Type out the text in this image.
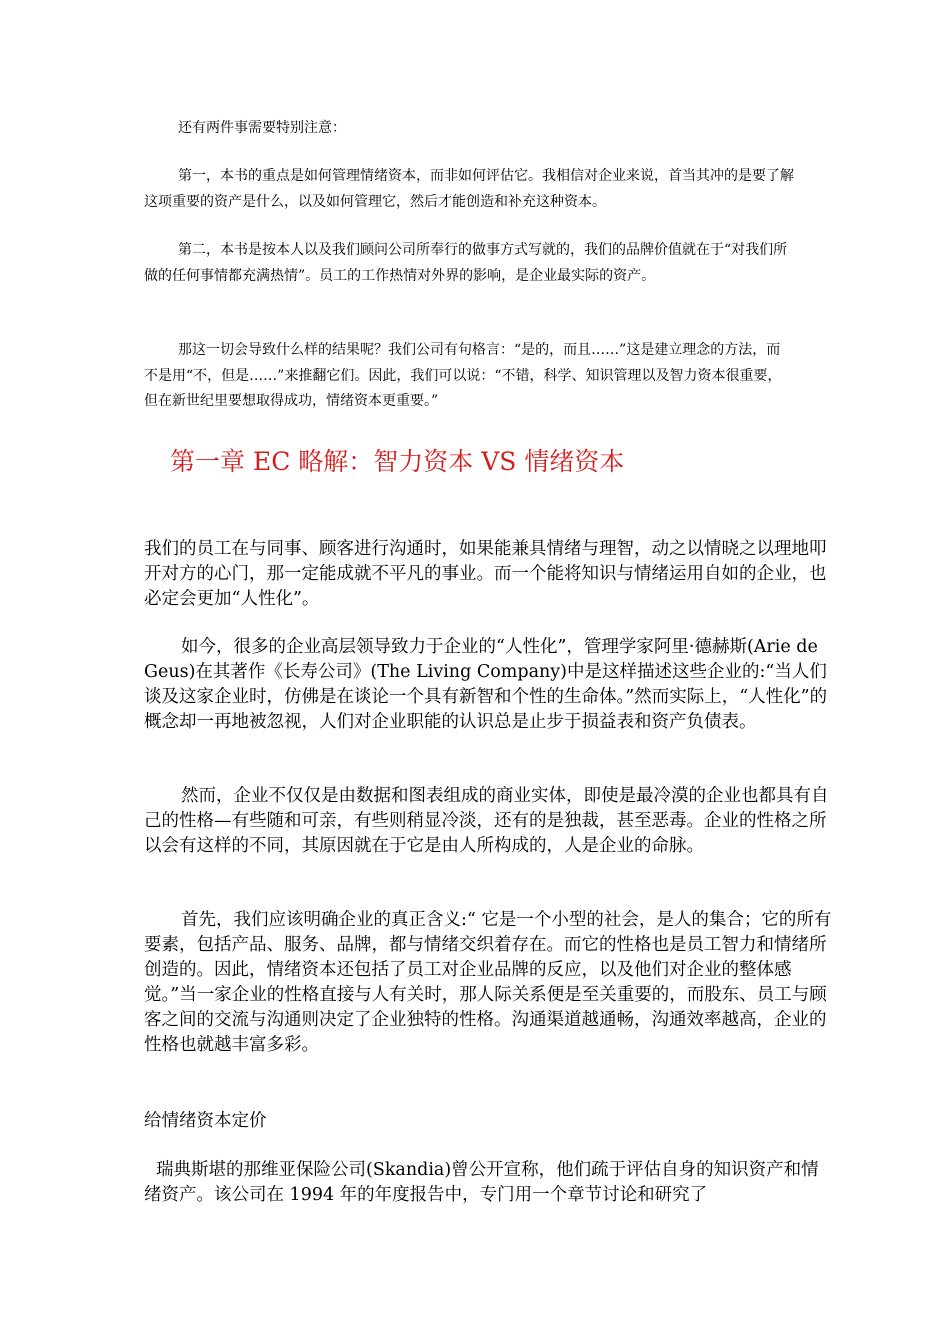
还有两件事需要特别注意：

第一，本书的重点是如何管理情绪资本，而非如何评估它。我相信对企业来说，首当其冲的是要了解这项重要的资产是什么，以及如何管理它，然后才能创造和补充这种资本。

第二，本书是按本人以及我们顾问公司所奉行的做事方式写就的，我们的品牌价值就在于“对我们所做的任何事情都充满热情”。员工的工作热情对外界的影响，是企业最实际的资产。

那这一切会导致什么样的结果呢？我们公司有句格言：“是的，而且……”这是建立理念的方法，而不是用“不，但是……”来推翻它们。因此，我们可以说：“不错，科学、知识管理以及智力资本很重要，但在新世纪里要想取得成功，情绪资本更重要。”

第一章 EC 略解：智力资本 VS 情绪资本

我们的员工在与同事、顾客进行沟通时，如果能兼具情绪与理智，动之以情晓之以理地叩开对方的心门，那一定能成就不平凡的事业。而一个能将知识与情绪运用自如的企业，也必定会更加“人性化”。

如今，很多的企业高层领导致力于企业的“人性化”，管理学家阿里·德赫斯(Arie de Geus)在其著作《长寿公司》(The Living Company)中是这样描述这些企业的:“当人们谈及这家企业时，仿佛是在谈论一个具有新智和个性的生命体。”然而实际上，“人性化”的概念却一再地被忽视，人们对企业职能的认识总是止步于损益表和资产负债表。

然而，企业不仅仅是由数据和图表组成的商业实体，即使是最冷漠的企业也都具有自己的性格—有些随和可亲，有些则稍显冷淡，还有的是独裁，甚至恶毒。企业的性格之所以会有这样的不同，其原因就在于它是由人所构成的，人是企业的命脉。

首先，我们应该明确企业的真正含义:“ 它是一个小型的社会，是人的集合；它的所有要素，包括产品、服务、品牌，都与情绪交织着存在。而它的性格也是员工智力和情绪所创造的。因此，情绪资本还包括了员工对企业品牌的反应，以及他们对企业的整体感觉。”当一家企业的性格直接与人有关时，那人际关系便是至关重要的，而股东、员工与顾客之间的交流与沟通则决定了企业独特的性格。沟通渠道越通畅，沟通效率越高，企业的性格也就越丰富多彩。

给情绪资本定价

瑞典斯堪的那维亚保险公司(Skandia)曾公开宣称，他们疏于评估自身的知识资产和情绪资产。该公司在 1994 年的年度报告中，专门用一个章节讨论和研究了
